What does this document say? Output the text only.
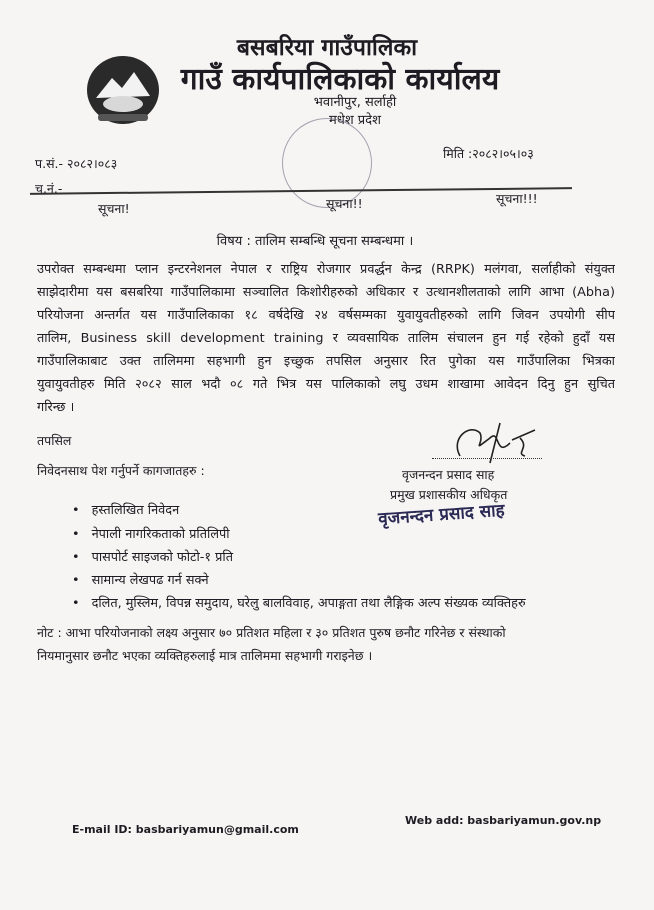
बसबरिया गाउँपालिका
गाउँ कार्यपालिकाको कार्यालय
भवानीपुर, सर्लाही
मधेश प्रदेश
प.सं.- २०८२।०८३
मिति :२०८२।०५।०३
च.नं.-
सूचना!	सूचना!!	सूचना!!!
विषय : तालिम सम्बन्धि सूचना सम्बन्धमा ।
उपरोक्त सम्बन्धमा प्लान इन्टरनेशनल नेपाल र राष्ट्रिय रोजगार प्रवर्द्धन केन्द्र (RRPK) मलंगवा, सर्लाहीको संयुक्त
साझेदारीमा यस बसबरिया गाउँपालिकामा सञ्चालित किशोरीहरुको अधिकार र उत्थानशीलताको लागि आभा (Abha)
परियोजना अन्तर्गत यस गाउँपालिकाका १८ वर्षदेखि २४ वर्षसम्मका युवायुवतीहरुको लागि जिवन उपयोगी सीप
तालिम, Business skill development training र व्यवसायिक तालिम संचालन हुन गई रहेको हुदाँ यस
गाउँपालिकाबाट उक्त तालिममा सहभागी हुन इच्छुक तपसिल अनुसार रित पुगेका यस गाउँपालिका भित्रका
युवायुवतीहरु मिति २०८२ साल भदौ ०८ गते भित्र यस पालिकाको लघु उधम शाखामा आवेदन दिनु हुन सुचित
गरिन्छ ।
तपसिल
निवेदनसाथ पेश गर्नुपर्ने कागजातहरु :
• हस्तलिखित निवेदन
• नेपाली नागरिकताको प्रतिलिपी
• पासपोर्ट साइजको फोटो-१ प्रति
• सामान्य लेखपढ गर्न सक्ने
• दलित, मुस्लिम, विपन्न समुदाय, घरेलु बालविवाह, अपाङ्गता तथा लैङ्गिक अल्प संख्यक व्यक्तिहरु
नोट : आभा परियोजनाको लक्ष्य अनुसार ७० प्रतिशत महिला र ३० प्रतिशत पुरुष छनौट गरिनेछ र संस्थाको
नियमानुसार छनौट भएका व्यक्तिहरुलाई मात्र तालिममा सहभागी गराइनेछ ।
वृजनन्दन प्रसाद साह
प्रमुख प्रशासकीय अधिकृत
वृजनन्दन प्रसाद साह
E-mail ID: basbariyamun@gmail.com
Web add: basbariyamun.gov.np
